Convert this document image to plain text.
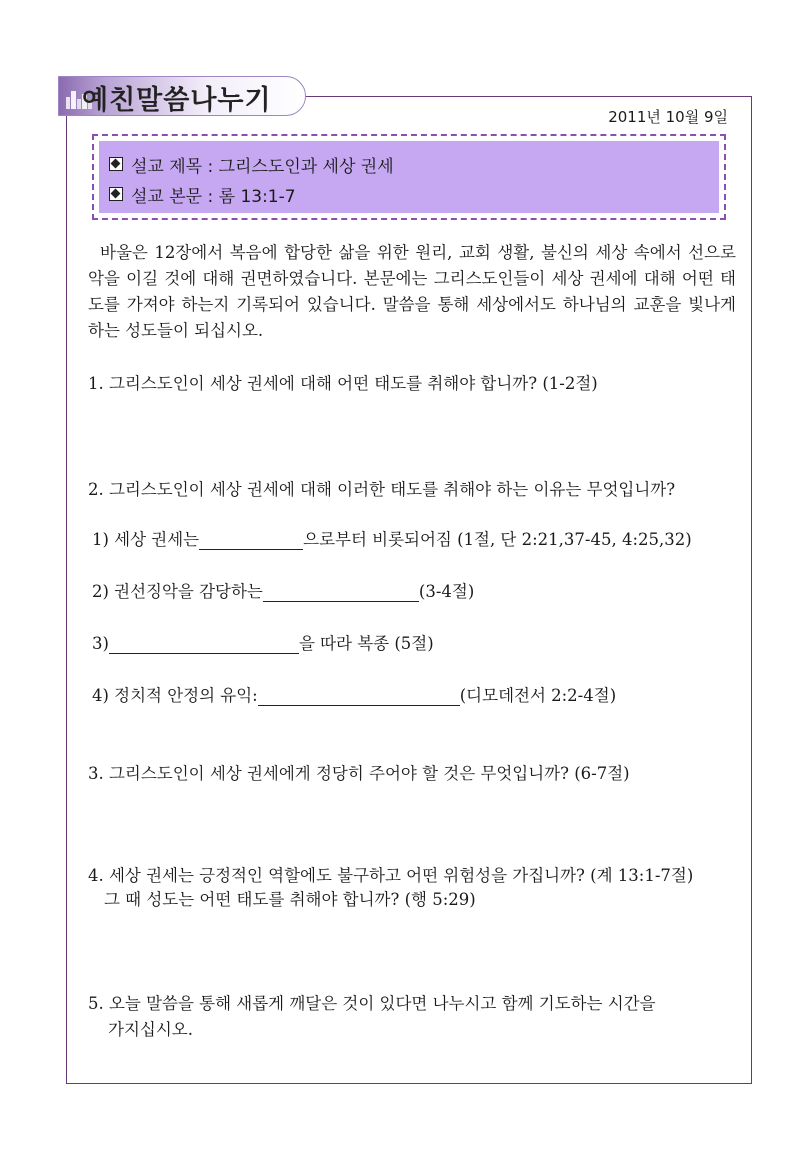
예친말씀나누기
2011년 10월 9일
설교 제목 : 그리스도인과 세상 권세
설교 본문 : 롬 13:1-7
바울은 12장에서 복음에 합당한 삶을 위한 원리, 교회 생활, 불신의 세상 속에서 선으로 악을 이길 것에 대해 권면하였습니다. 본문에는 그리스도인들이 세상 권세에 대해 어떤 태도를 가져야 하는지 기록되어 있습니다. 말씀을 통해 세상에서도 하나님의 교훈을 빛나게 하는 성도들이 되십시오.
1. 그리스도인이 세상 권세에 대해 어떤 태도를 취해야 합니까? (1-2절)
2. 그리스도인이 세상 권세에 대해 이러한 태도를 취해야 하는 이유는 무엇입니까?
1) 세상 권세는	으로부터 비롯되어짐 (1절, 단 2:21,37-45, 4:25,32)
2) 권선징악을 감당하는	(3-4절)
3)	을 따라 복종 (5절)
4) 정치적 안정의 유익:	(디모데전서 2:2-4절)
3. 그리스도인이 세상 권세에게 정당히 주어야 할 것은 무엇입니까? (6-7절)
4. 세상 권세는 긍정적인 역할에도 불구하고 어떤 위험성을 가집니까? (계 13:1-7절)
그 때 성도는 어떤 태도를 취해야 합니까? (행 5:29)
5. 오늘 말씀을 통해 새롭게 깨달은 것이 있다면 나누시고 함께 기도하는 시간을
가지십시오.
